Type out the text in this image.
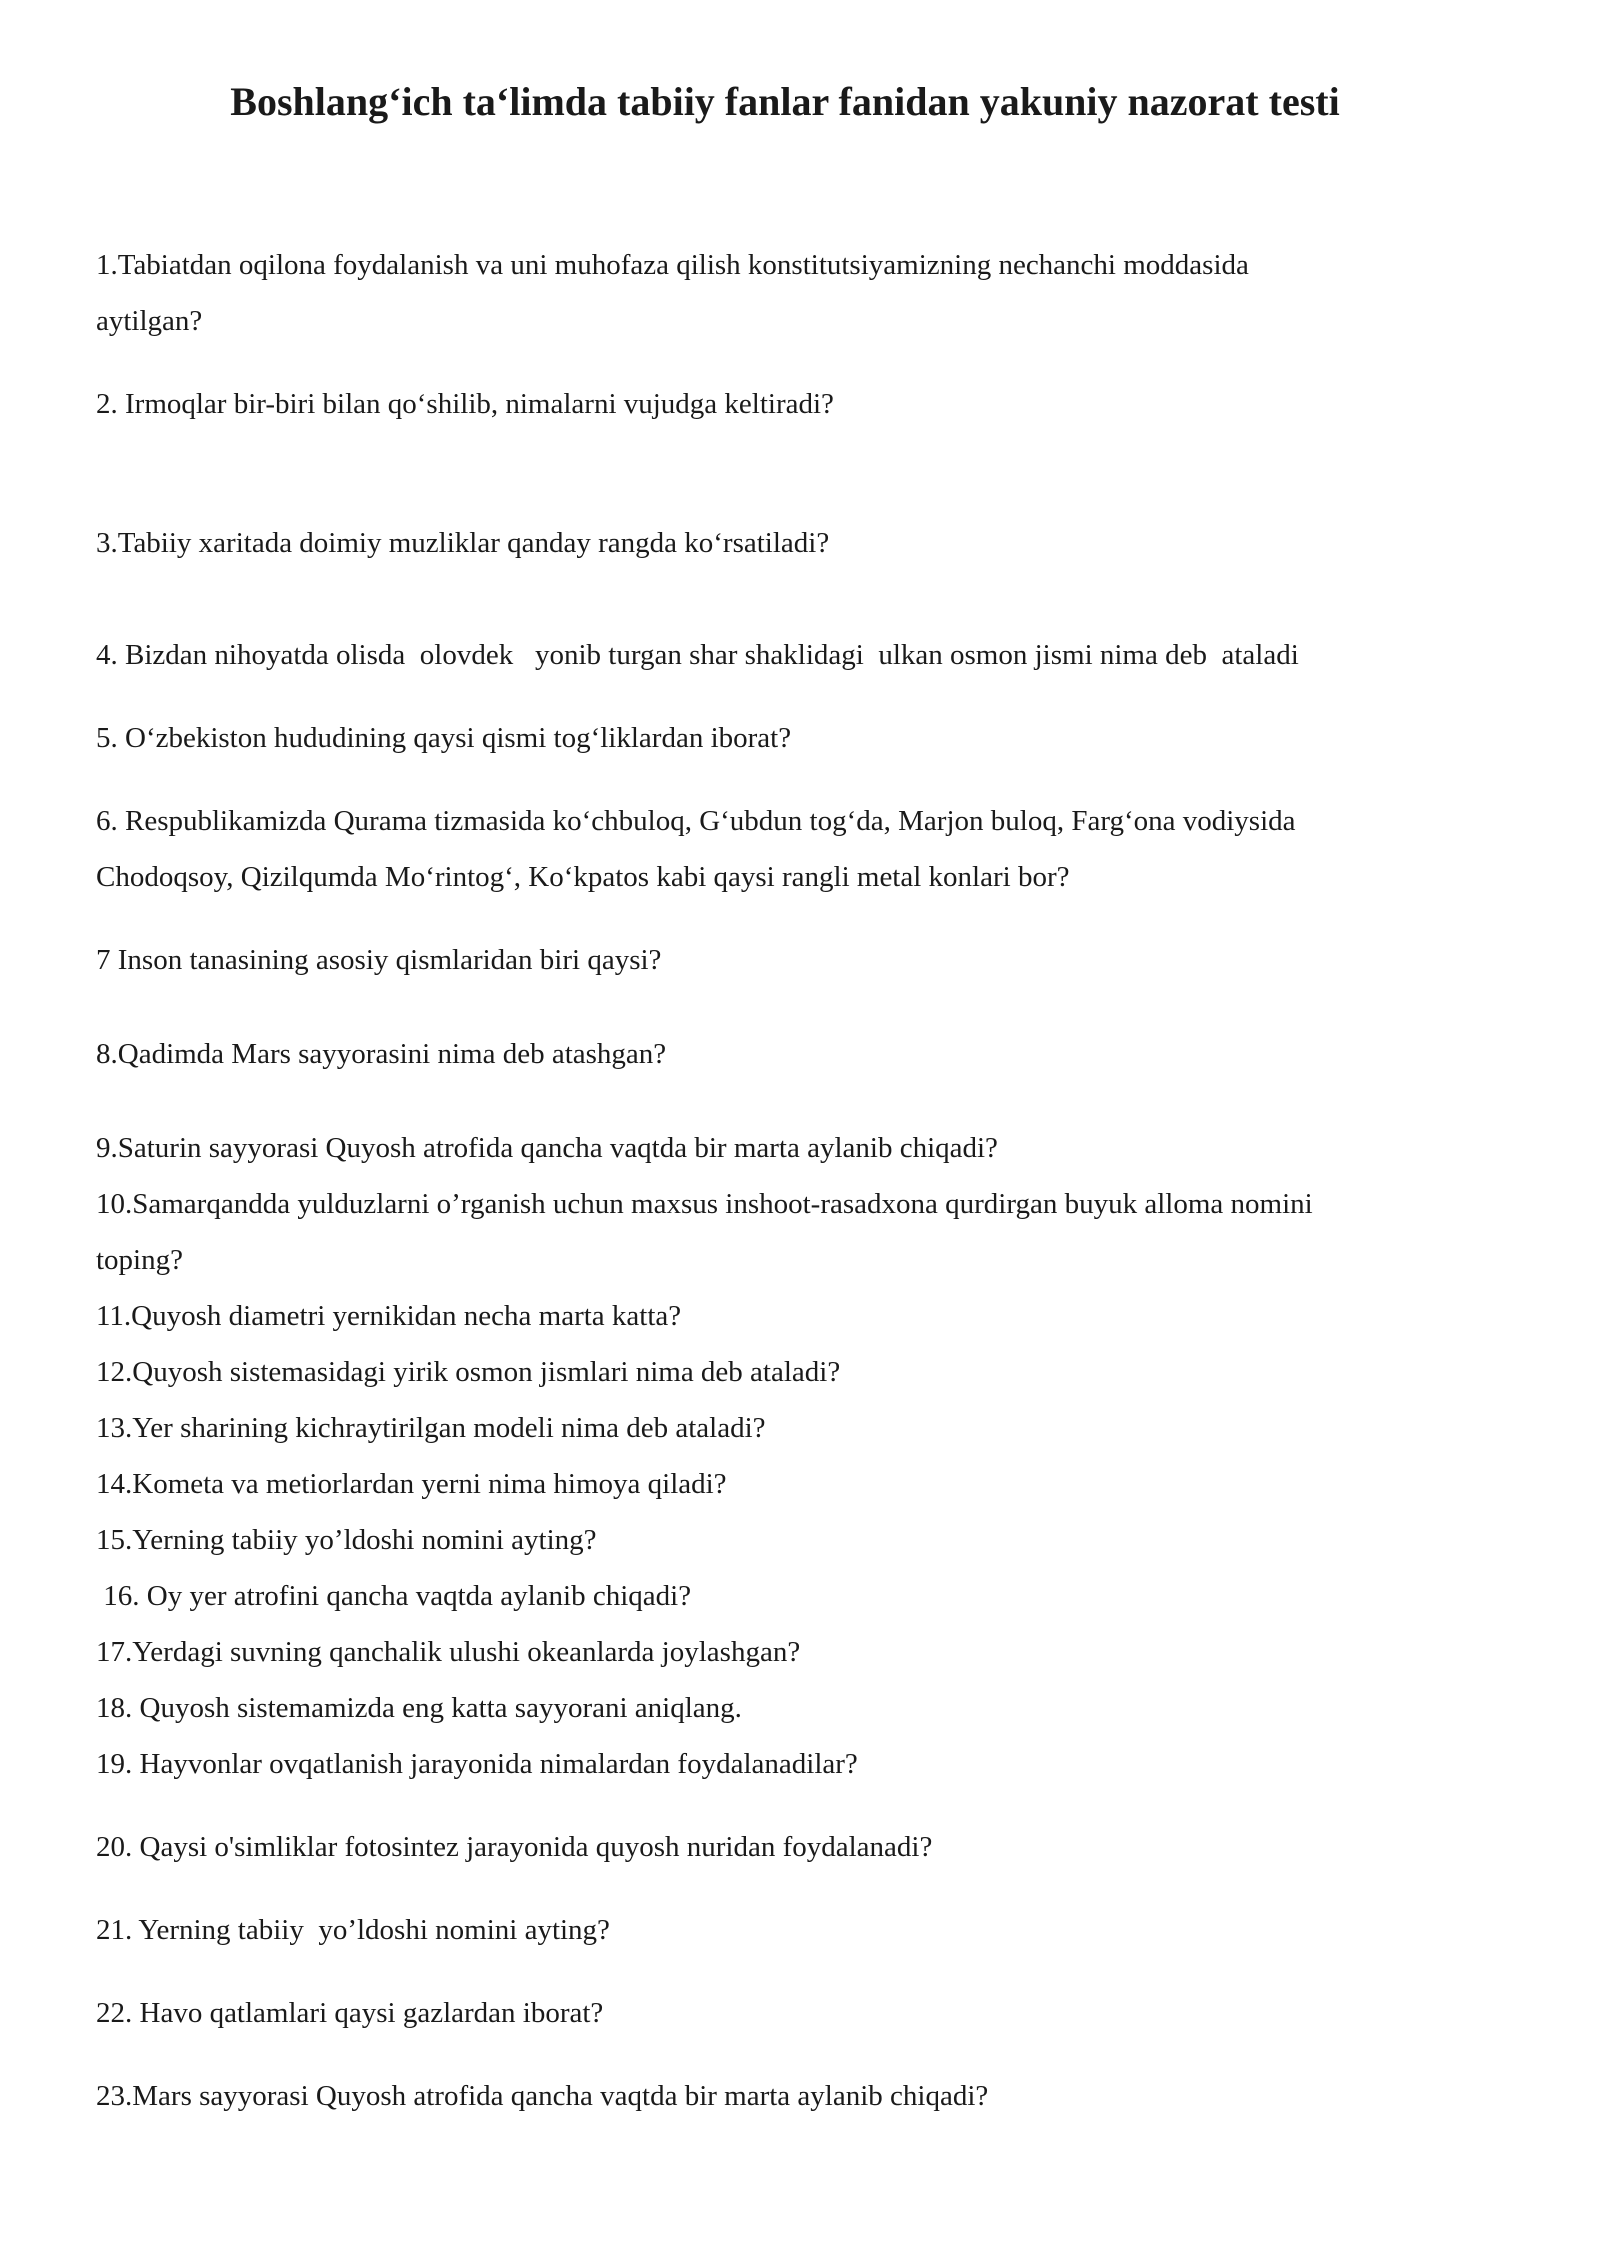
Boshlang‘ich ta‘limda tabiiy fanlar fanidan yakuniy nazorat testi

1.Tabiatdan oqilona foydalanish va uni muhofaza qilish konstitutsiyamizning nechanchi moddasida

aytilgan?

2. Irmoqlar bir-biri bilan qo‘shilib, nimalarni vujudga keltiradi?

3.Tabiiy xaritada doimiy muzliklar qanday rangda ko‘rsatiladi?

4. Bizdan nihoyatda olisda  olovdek   yonib turgan shar shaklidagi  ulkan osmon jismi nima deb  ataladi

5. O‘zbekiston hududining qaysi qismi tog‘liklardan iborat?

6. Respublikamizda Qurama tizmasida ko‘chbuloq, G‘ubdun tog‘da, Marjon buloq, Farg‘ona vodiysida

Chodoqsoy, Qizilqumda Mo‘rintog‘, Ko‘kpatos kabi qaysi rangli metal konlari bor?

7 Inson tanasining asosiy qismlaridan biri qaysi?

8.Qadimda Mars sayyorasini nima deb atashgan?

9.Saturin sayyorasi Quyosh atrofida qancha vaqtda bir marta aylanib chiqadi?

10.Samarqandda yulduzlarni o’rganish uchun maxsus inshoot-rasadxona qurdirgan buyuk alloma nomini

toping?

11.Quyosh diametri yernikidan necha marta katta?

12.Quyosh sistemasidagi yirik osmon jismlari nima deb ataladi?

13.Yer sharining kichraytirilgan modeli nima deb ataladi?

14.Kometa va metiorlardan yerni nima himoya qiladi?

15.Yerning tabiiy yo’ldoshi nomini ayting?

16. Oy yer atrofini qancha vaqtda aylanib chiqadi?

17.Yerdagi suvning qanchalik ulushi okeanlarda joylashgan?

18. Quyosh sistemamizda eng katta sayyorani aniqlang.

19. Hayvonlar ovqatlanish jarayonida nimalardan foydalanadilar?

20. Qaysi o'simliklar fotosintez jarayonida quyosh nuridan foydalanadi?

21. Yerning tabiiy  yo’ldoshi nomini ayting?

22. Havo qatlamlari qaysi gazlardan iborat?

23.Mars sayyorasi Quyosh atrofida qancha vaqtda bir marta aylanib chiqadi?
